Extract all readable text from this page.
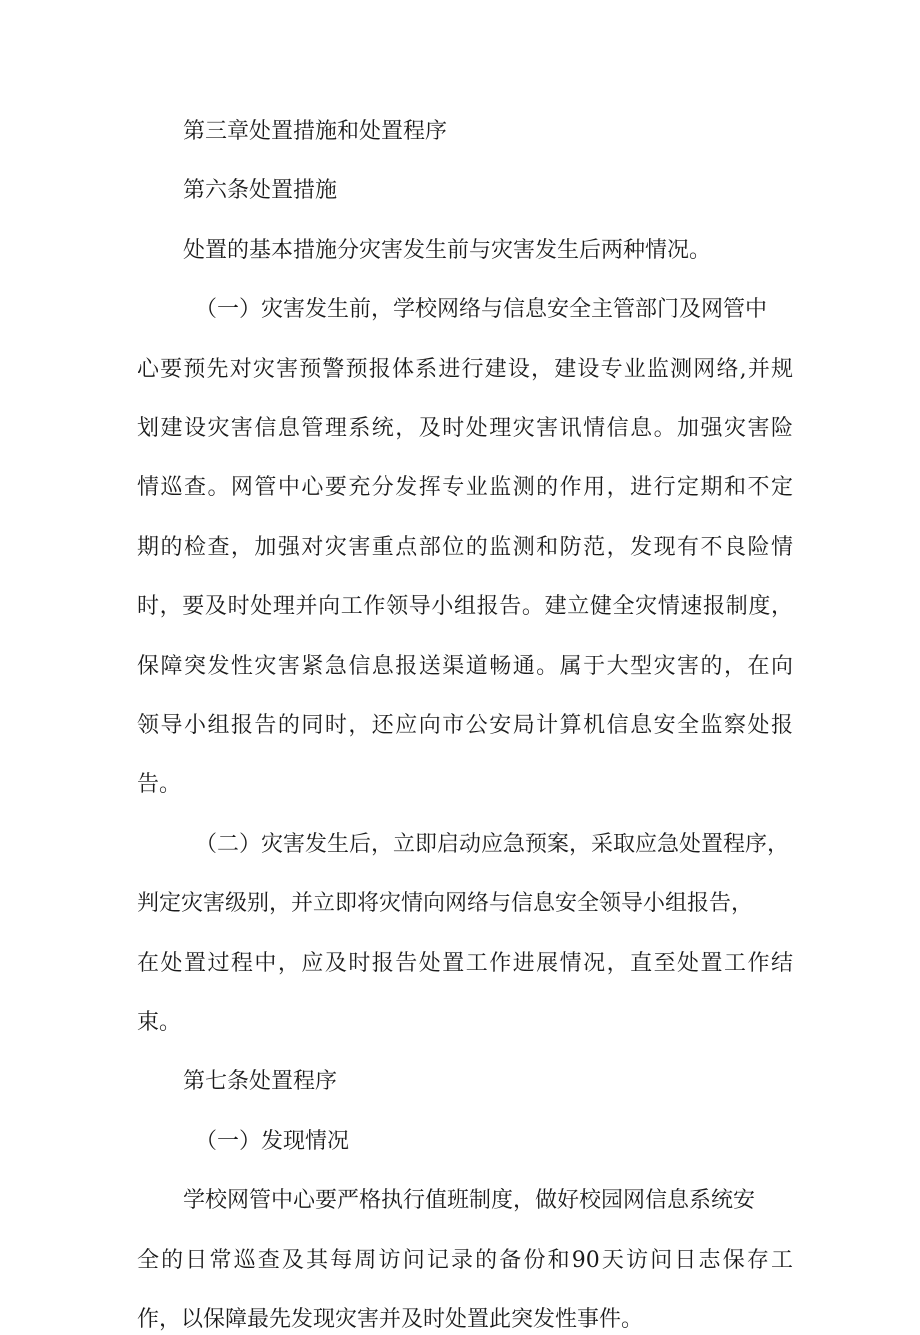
第三章处置措施和处置程序
第六条处置措施
处置的基本措施分灾害发生前与灾害发生后两种情况。
（一）灾害发生前，学校网络与信息安全主管部门及网管中
心要预先对灾害预警预报体系进行建设，建设专业监测网络,并规
划建设灾害信息管理系统，及时处理灾害讯情信息。加强灾害险
情巡查。网管中心要充分发挥专业监测的作用，进行定期和不定
期的检查，加强对灾害重点部位的监测和防范，发现有不良险情
时，要及时处理并向工作领导小组报告。建立健全灾情速报制度，
保障突发性灾害紧急信息报送渠道畅通。属于大型灾害的，在向
领导小组报告的同时，还应向市公安局计算机信息安全监察处报
告。
（二）灾害发生后，立即启动应急预案，采取应急处置程序，
判定灾害级别，并立即将灾情向网络与信息安全领导小组报告，
在处置过程中，应及时报告处置工作进展情况，直至处置工作结
束。
第七条处置程序
（一）发现情况
学校网管中心要严格执行值班制度，做好校园网信息系统安
全的日常巡查及其每周访问记录的备份和90天访问日志保存工
作，以保障最先发现灾害并及时处置此突发性事件。
